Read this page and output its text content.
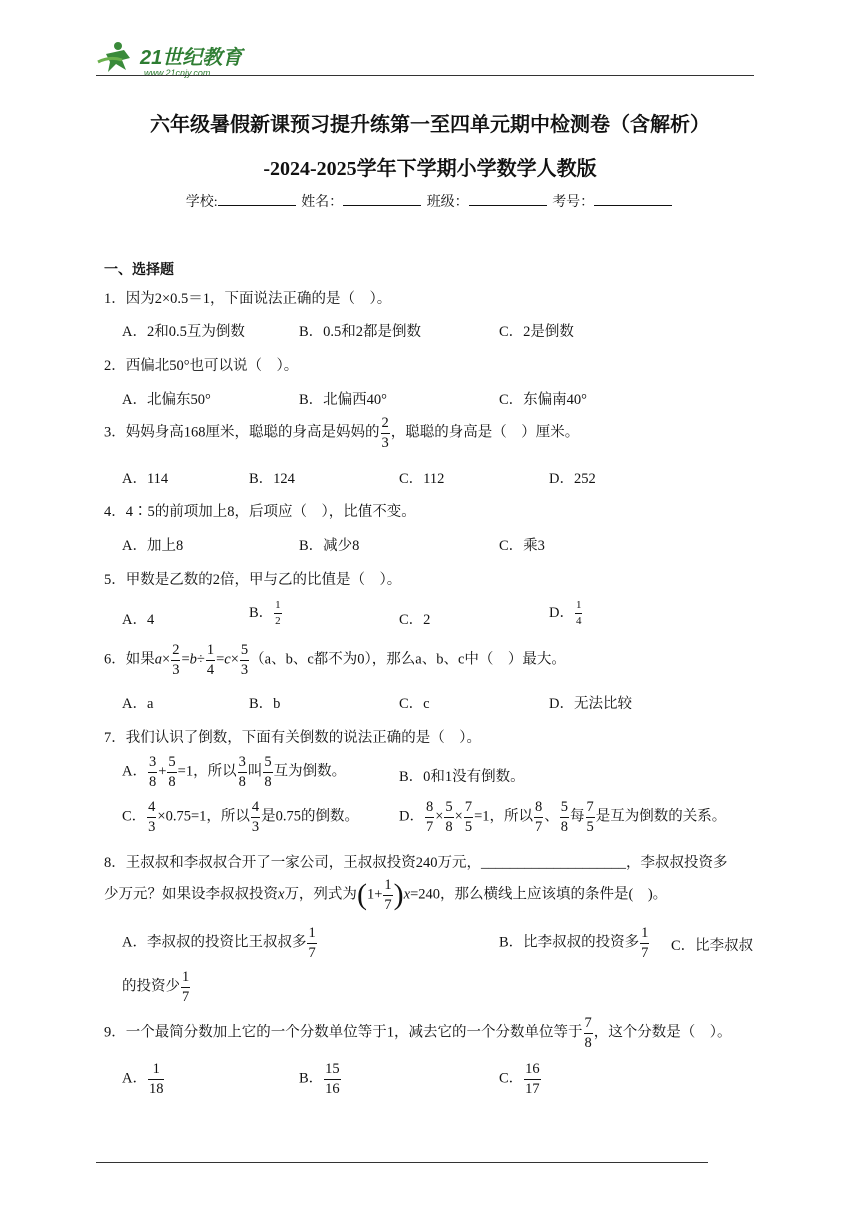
21世纪教育
www.21cnjy.com
六年级暑假新课预习提升练第一至四单元期中检测卷（含解析）
-2024-2025学年下学期小学数学人教版
学校:	姓名：	班级：	考号：
一、选择题
1．因为2×0.5＝1，下面说法正确的是（　）。
A．2和0.5互为倒数	B．0.5和2都是倒数	C．2是倒数
2．西偏北50°也可以说（　）。
A．北偏东50°	B．北偏西40°	C．东偏南40°
3．妈妈身高168厘米，聪聪的身高是妈妈的 $\frac{2}{3}$ ，聪聪的身高是（　）厘米。
A．114	B．124	C．112	D．252
4．4∶5的前项加上8，后项应（　），比值不变。
A．加上8	B．减少8	C．乘3
5．甲数是乙数的2倍，甲与乙的比值是（　）。
A．4	B． $\frac{1}{2}$	C．2	D． $\frac{1}{4}$
6．如果$a\times \frac{2}{3} =b\div \frac{1}{4} =c\times \frac{5}{3} (a$、b、c都不为0），那么a、b、c中（　）最大。
A．a	B．b	C．c	D．无法比较
7．我们认识了倒数，下面有关倒数的说法正确的是（　）。
A． $\frac{3}{8} + \frac{5}{8} =1$，所以 $\frac{3}{8}$ 叫 $\frac{5}{8}$ 互为倒数。	B．0和1没有倒数。
C． $\frac{4}{3} \times 0.75=1$，所以 $\frac{4}{3}$ 是0.75的倒数。	D． $\frac{8}{7} \times \frac{5}{8} \times \frac{7}{5} =1$，所以 $\frac{8}{7}$ 、 $\frac{5}{8}$ 每 $\frac{7}{5}$ 是互为倒数的关系。
8．王叔叔和李叔叔合开了一家公司，王叔叔投资240万元，____________________，李叔叔投资多
少万元？如果设李叔叔投资x万，列式为$(1+ \frac{1}{7} )x=240$，那么横线上应该填的条件是(　)。
A．李叔叔的投资比王叔叔多 $\frac{1}{7}$	B．比李叔叔的投资多 $\frac{1}{7}$ C．比李叔叔
的投资少 $\frac{1}{7}$
9．一个最简分数加上它的一个分数单位等于1，减去它的一个分数单位等于 $\frac{7}{8}$ ，这个分数是（　）。
A． $\frac{1}{18}$	B． $\frac{15}{16}$	C． $\frac{16}{17}$
